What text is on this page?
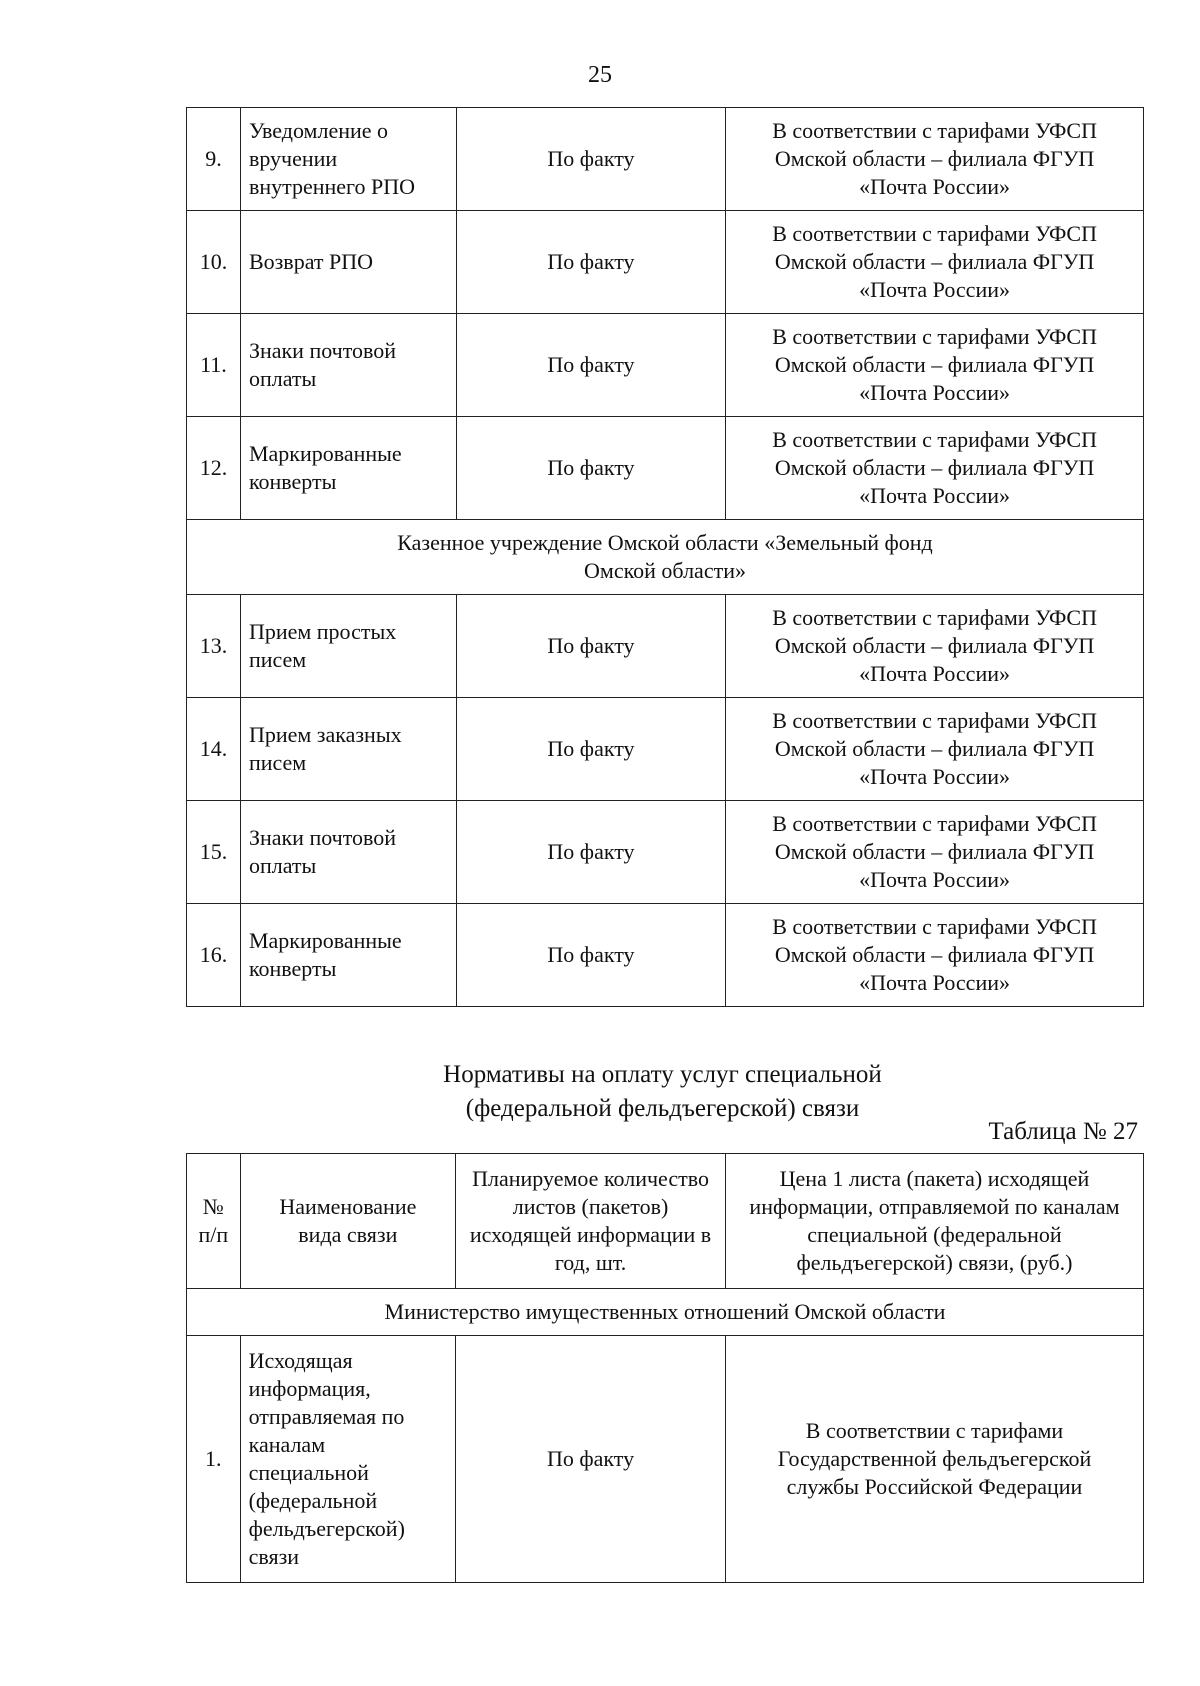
25
9.	Уведомление о вручении внутреннего РПО	По факту	В соответствии с тарифами УФСП Омской области – филиала ФГУП «Почта России»

10.	Возврат РПО	По факту	В соответствии с тарифами УФСП Омской области – филиала ФГУП «Почта России»

11.	Знаки почтовой оплаты	По факту	В соответствии с тарифами УФСП Омской области – филиала ФГУП «Почта России»

12.	Маркированные конверты	По факту	В соответствии с тарифами УФСП Омской области – филиала ФГУП «Почта России»

Казенное учреждение Омской области «Земельный фонд Омской области»			

13.	Прием простых писем	По факту	В соответствии с тарифами УФСП Омской области – филиала ФГУП «Почта России»

14.	Прием заказных писем	По факту	В соответствии с тарифами УФСП Омской области – филиала ФГУП «Почта России»

15.	Знаки почтовой оплаты	По факту	В соответствии с тарифами УФСП Омской области – филиала ФГУП «Почта России»

16.	Маркированные конверты	По факту	В соответствии с тарифами УФСП Омской области – филиала ФГУП «Почта России»
Нормативы на оплату услуг специальной
(федеральной фельдъегерской) связи
Таблица № 27
№ п/п	Наименование вида связи	Планируемое количество листов (пакетов) исходящей информации в год, шт.	Цена 1 листа (пакета) исходящей информации, отправляемой по каналам специальной (федеральной фельдъегерской) связи, (руб.)

Министерство имущественных отношений Омской области			
1.	Исходящая информация, отправляемая по каналам специальной (федеральной фельдъегерской) связи	По факту	В соответствии с тарифами Государственной фельдъегерской службы Российской Федерации
